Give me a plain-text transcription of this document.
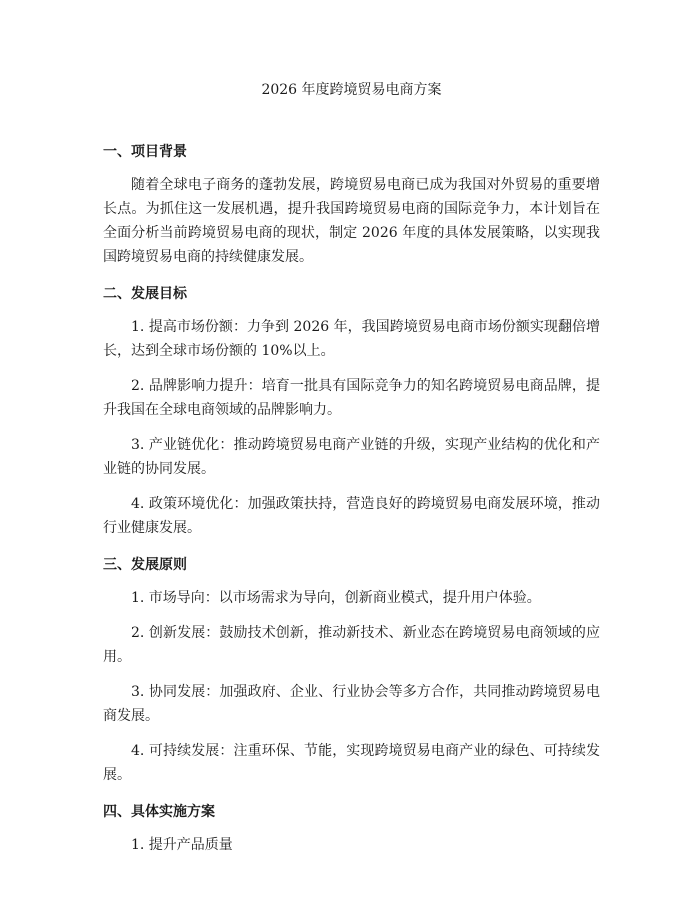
2026 年度跨境贸易电商方案
一、项目背景

随着全球电子商务的蓬勃发展，跨境贸易电商已成为我国对外贸易的重要增长点。为抓住这一发展机遇，提升我国跨境贸易电商的国际竞争力，本计划旨在全面分析当前跨境贸易电商的现状，制定 2026 年度的具体发展策略，以实现我国跨境贸易电商的持续健康发展。

二、发展目标

1. 提高市场份额：力争到 2026 年，我国跨境贸易电商市场份额实现翻倍增长，达到全球市场份额的 10%以上。

2. 品牌影响力提升：培育一批具有国际竞争力的知名跨境贸易电商品牌，提升我国在全球电商领域的品牌影响力。

3. 产业链优化：推动跨境贸易电商产业链的升级，实现产业结构的优化和产业链的协同发展。

4. 政策环境优化：加强政策扶持，营造良好的跨境贸易电商发展环境，推动行业健康发展。

三、发展原则

1. 市场导向：以市场需求为导向，创新商业模式，提升用户体验。

2. 创新发展：鼓励技术创新，推动新技术、新业态在跨境贸易电商领域的应用。

3. 协同发展：加强政府、企业、行业协会等多方合作，共同推动跨境贸易电商发展。

4. 可持续发展：注重环保、节能，实现跨境贸易电商产业的绿色、可持续发展。

四、具体实施方案

1. 提升产品质量
